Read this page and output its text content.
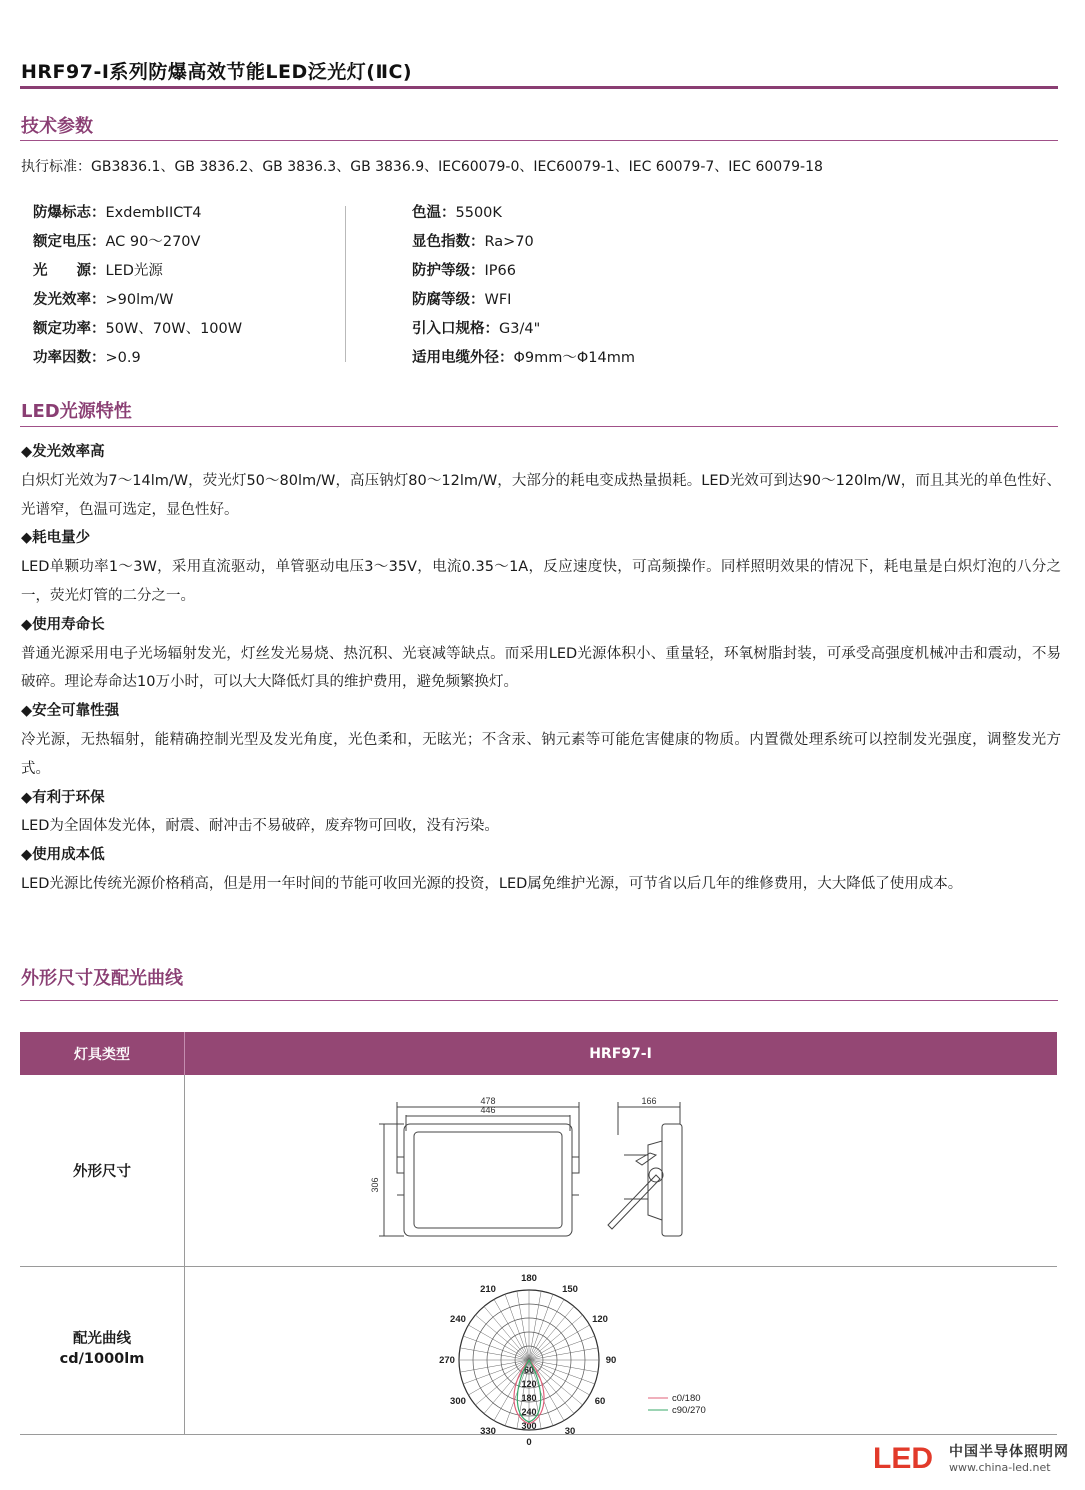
HRF97-Ⅰ系列防爆高效节能LED泛光灯(ⅡC)
技术参数
执行标准：GB3836.1、GB 3836.2、GB 3836.3、GB 3836.9、IEC60079-0、IEC60079-1、IEC 60079-7、IEC 60079-18
防爆标志：ExdembIICT4
额定电压：AC 90～270V
光　　源：LED光源
发光效率：>90lm/W
额定功率：50W、70W、100W
功率因数：>0.9
色温：5500K
显色指数：Ra>70
防护等级：IP66
防腐等级：WFI
引入口规格：G3/4"
适用电缆外径：Φ9mm～Φ14mm
LED光源特性
◆发光效率高
白炽灯光效为7～14lm/W，荧光灯50～80lm/W，高压钠灯80～12lm/W，大部分的耗电变成热量损耗。LED光效可到达90～120lm/W，而且其光的单色性好、光谱窄，色温可选定，显色性好。
◆耗电量少
LED单颗功率1～3W，采用直流驱动，单管驱动电压3～35V，电流0.35～1A，反应速度快，可高频操作。同样照明效果的情况下，耗电量是白炽灯泡的八分之一，荧光灯管的二分之一。
◆使用寿命长
普通光源采用电子光场辐射发光，灯丝发光易烧、热沉积、光衰减等缺点。而采用LED光源体积小、重量轻，环氧树脂封装，可承受高强度机械冲击和震动，不易破碎。理论寿命达10万小时，可以大大降低灯具的维护费用，避免频繁换灯。
◆安全可靠性强
冷光源，无热辐射，能精确控制光型及发光角度，光色柔和，无眩光；不含汞、钠元素等可能危害健康的物质。内置微处理系统可以控制发光强度，调整发光方式。
◆有利于环保
LED为全固体发光体，耐震、耐冲击不易破碎，废弃物可回收，没有污染。
◆使用成本低
LED光源比传统光源价格稍高，但是用一年时间的节能可收回光源的投资，LED属免维护光源，可节省以后几年的维修费用，大大降低了使用成本。
外形尺寸及配光曲线
灯具类型	HRF97-Ⅰ
外形尺寸
478
446
166
306
配光曲线
cd/1000lm
180
150
120
90
60
30
0
330
300
270
240
210
60
120
180
240
300
c0/180
c90/270
LED 中国半导体照明网
www.china-led.net
